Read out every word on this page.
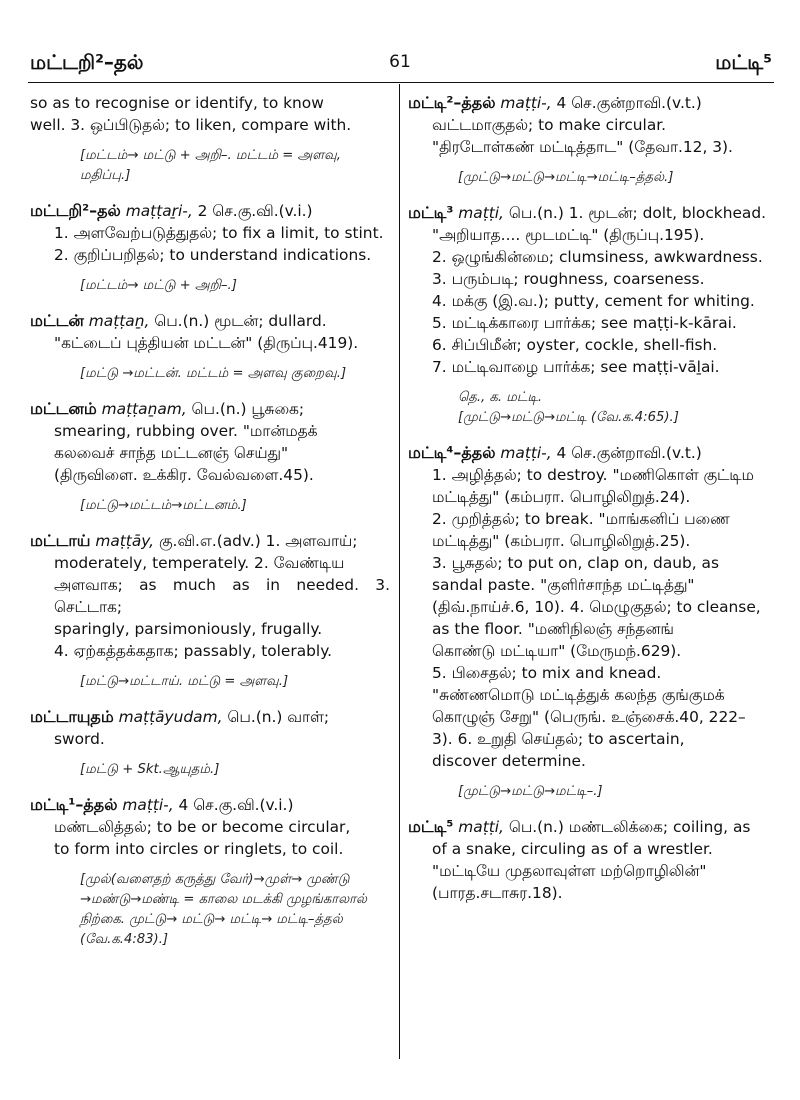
மட்டறி²–தல்	61	மட்டி⁵
so as to recognise or identify, to know
well. 3. ஒப்பிடுதல்; to liken, compare with.
[மட்டம்→ மட்டு + அறி–. மட்டம் = அளவு,
மதிப்பு.]
மட்டறி²–தல் maṭṭaṟi-, 2 செ.கு.வி.(v.i.)
1. அளவேற்படுத்துதல்; to fix a limit, to stint.
2. குறிப்பறிதல்; to understand indications.
[மட்டம்→ மட்டு + அறி–.]
மட்டன் maṭṭaṉ, பெ.(n.) மூடன்; dullard.
"கட்டைப் புத்தியன் மட்டன்" (திருப்பு.419).
[மட்டு →மட்டன். மட்டம் = அளவு குறைவு.]
மட்டனம் maṭṭaṉam, பெ.(n.) பூசுகை;
smearing, rubbing over. "மான்மதக்
கலவைச் சாந்த மட்டனஞ் செய்து"
(திருவிளை. உக்கிர. வேல்வளை.45).
[மட்டு→மட்டம்→மட்டனம்.]
மட்டாய் maṭṭāy, கு.வி.எ.(adv.) 1. அளவாய்;
moderately, temperately. 2. வேண்டிய
அளவாக; as much as in needed. 3. செட்டாக;
sparingly, parsimoniously, frugally.
4. ஏற்கத்தக்கதாக; passably, tolerably.
[மட்டு→மட்டாய். மட்டு = அளவு.]
மட்டாயுதம் maṭṭāyudam, பெ.(n.) வாள்;
sword.
[மட்டு + Skt.ஆயுதம்.]
மட்டி¹–த்தல் maṭṭi-, 4 செ.கு.வி.(v.i.)
மண்டலித்தல்; to be or become circular,
to form into circles or ringlets, to coil.
[முல்(வளைதற் கருத்து வேர்)→முள்→ முண்டு
→மண்டு→மண்டி = காலை மடக்கி முழங்காலால்
நிற்கை. முட்டு→ மட்டு→ மட்டி→ மட்டி–த்தல்
(வே.க.4:83).]
மட்டி²–த்தல் maṭṭi-, 4 செ.குன்றாவி.(v.t.)
வட்டமாகுதல்; to make circular.
"திரடோள்கண் மட்டித்தாட" (தேவா.12, 3).
[முட்டு→மட்டு→மட்டி→மட்டி–த்தல்.]
மட்டி³ maṭṭi, பெ.(n.) 1. மூடன்; dolt, blockhead.
"அறியாத.... மூடமட்டி" (திருப்பு.195).
2. ஒழுங்கின்மை; clumsiness, awkwardness.
3. பரும்படி; roughness, coarseness.
4. மக்கு (இ.வ.); putty, cement for whiting.
5. மட்டிக்காரை பார்க்க; see maṭṭi-k-kārai.
6. சிப்பிமீன்; oyster, cockle, shell-fish.
7. மட்டிவாழை பார்க்க; see maṭṭi-vāḻai.
தெ., க. மட்டி.
[முட்டு→மட்டு→மட்டி (வே.க.4:65).]
மட்டி⁴–த்தல் maṭṭi-, 4 செ.குன்றாவி.(v.t.)
1. அழித்தல்; to destroy. "மணிகொள் குட்டிம
மட்டித்து" (கம்பரா. பொழிலிறுத்.24).
2. முறித்தல்; to break. "மாங்கனிப் பணை
மட்டித்து" (கம்பரா. பொழிலிறுத்.25).
3. பூசுதல்; to put on, clap on, daub, as
sandal paste. "குளிர்சாந்த மட்டித்து"
(திவ்.நாய்ச்.6, 10). 4. மெழுகுதல்; to cleanse,
as the floor. "மணிநிலஞ் சந்தனங்
கொண்டு மட்டியா" (மேருமந்.629).
5. பிசைதல்; to mix and knead.
"சுண்ணமொடு மட்டித்துக் கலந்த குங்குமக்
கொழுஞ் சேறு" (பெருங். உஞ்சைக்.40, 222–
3). 6. உறுதி செய்தல்; to ascertain,
discover determine.
[முட்டு→மட்டு→மட்டி–.]
மட்டி⁵ maṭṭi, பெ.(n.) மண்டலிக்கை; coiling, as
of a snake, circuling as of a wrestler.
"மட்டியே முதலாவுள்ள மற்றொழிலின்"
(பாரத.சடாசுர.18).
